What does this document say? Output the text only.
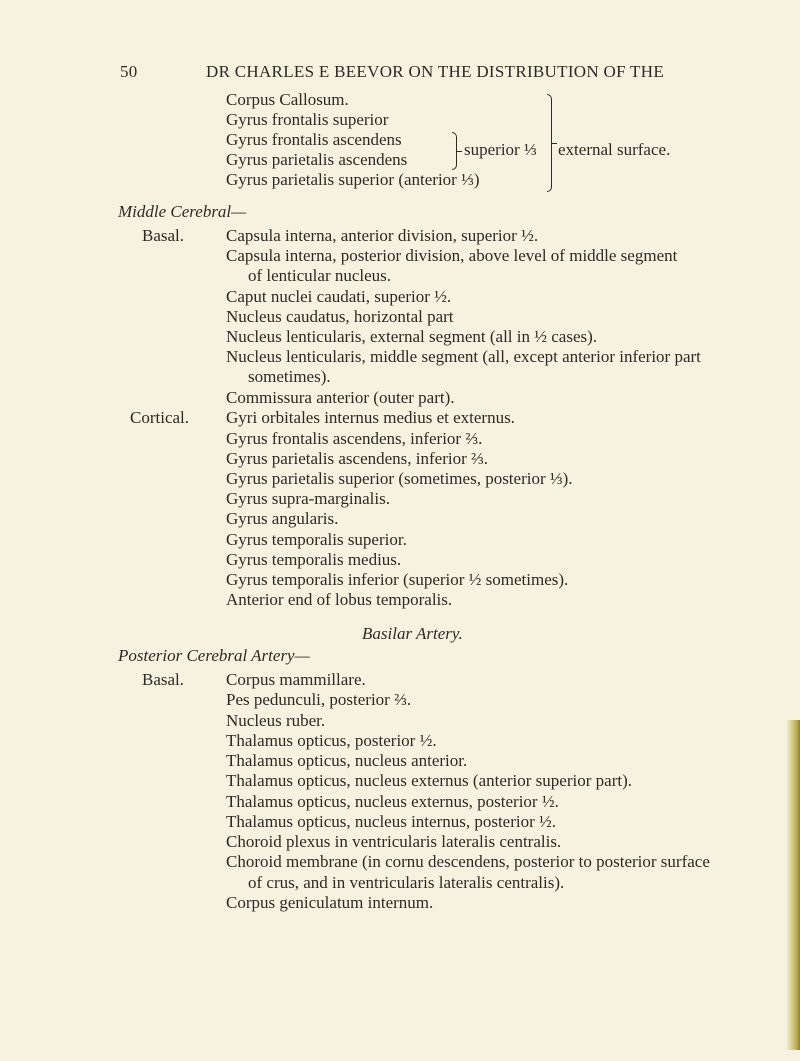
50	DR CHARLES E BEEVOR ON THE DISTRIBUTION OF THE
Corpus Callosum.
Gyrus frontalis superior
Gyrus frontalis ascendens
Gyrus parietalis ascendens
Gyrus parietalis superior (anterior ⅓)
superior ⅓ external surface.
Middle Cerebral—
Basal. Capsula interna, anterior division, superior ½.
Capsula interna, posterior division, above level of middle segment
of lenticular nucleus.
Caput nuclei caudati, superior ½.
Nucleus caudatus, horizontal part
Nucleus lenticularis, external segment (all in ½ cases).
Nucleus lenticularis, middle segment (all, except anterior inferior part
sometimes).
Commissura anterior (outer part).
Cortical. Gyri orbitales internus medius et externus.
Gyrus frontalis ascendens, inferior ⅔.
Gyrus parietalis ascendens, inferior ⅔.
Gyrus parietalis superior (sometimes, posterior ⅓).
Gyrus supra-marginalis.
Gyrus angularis.
Gyrus temporalis superior.
Gyrus temporalis medius.
Gyrus temporalis inferior (superior ½ sometimes).
Anterior end of lobus temporalis.
Basilar Artery.
Posterior Cerebral Artery—
Basal. Corpus mammillare.
Pes pedunculi, posterior ⅔.
Nucleus ruber.
Thalamus opticus, posterior ½.
Thalamus opticus, nucleus anterior.
Thalamus opticus, nucleus externus (anterior superior part).
Thalamus opticus, nucleus externus, posterior ½.
Thalamus opticus, nucleus internus, posterior ½.
Choroid plexus in ventricularis lateralis centralis.
Choroid membrane (in cornu descendens, posterior to posterior surface
of crus, and in ventricularis lateralis centralis).
Corpus geniculatum internum.
